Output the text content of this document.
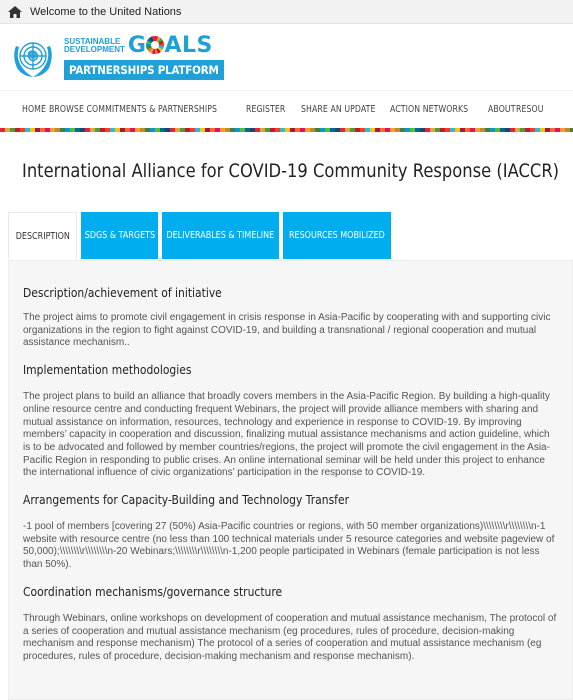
Welcome to the United Nations
SUSTAINABLE
DEVELOPMENT G ALS
PARTNERSHIPS PLATFORM
HOME BROWSE COMMITMENTS & PARTNERSHIPS	REGISTER SHARE AN UPDATE ACTION NETWORKS ABOUT RESOU
International Alliance for COVID-19 Community Response (IACCR)
DESCRIPTION SDGS & TARGETS DELIVERABLES & TIMELINE RESOURCES MOBILIZED
Description/achievement of initiative

The project aims to promote civil engagement in crisis response in Asia-Pacific by cooperating with and supporting civic organizations in the region to fight against COVID-19, and building a transnational / regional cooperation and mutual assistance mechanism..

Implementation methodologies

The project plans to build an alliance that broadly covers members in the Asia-Pacific Region. By building a high-quality online resource centre and conducting frequent Webinars, the project will provide alliance members with sharing and mutual assistance on information, resources, technology and experience in response to COVID-19. By improving members’ capacity in cooperation and discussion, finalizing mutual assistance mechanisms and action guideline, which is to be advocated and followed by member countries/regions, the project will promote the civil engagement in the Asia-Pacific Region in responding to public crises. An online international seminar will be held under this project to enhance the international influence of civic organizations’ participation in the response to COVID-19.

Arrangements for Capacity-Building and Technology Transfer

-1 pool of members [covering 27 (50%) Asia-Pacific countries or regions, with 50 member organizations)\\\\\\\\r\\\\\\\\n-1 website with resource centre (no less than 100 technical materials under 5 resource categories and website pageview of 50,000);\\\\\\\\r\\\\\\\\n-20 Webinars;\\\\\\\\r\\\\\\\\n-1,200 people participated in Webinars (female participation is not less than 50%).

Coordination mechanisms/governance structure

Through Webinars, online workshops on development of cooperation and mutual assistance mechanism, The protocol of a series of cooperation and mutual assistance mechanism (eg procedures, rules of procedure, decision-making mechanism and response mechanism) The protocol of a series of cooperation and mutual assistance mechanism (eg procedures, rules of procedure, decision-making mechanism and response mechanism).
